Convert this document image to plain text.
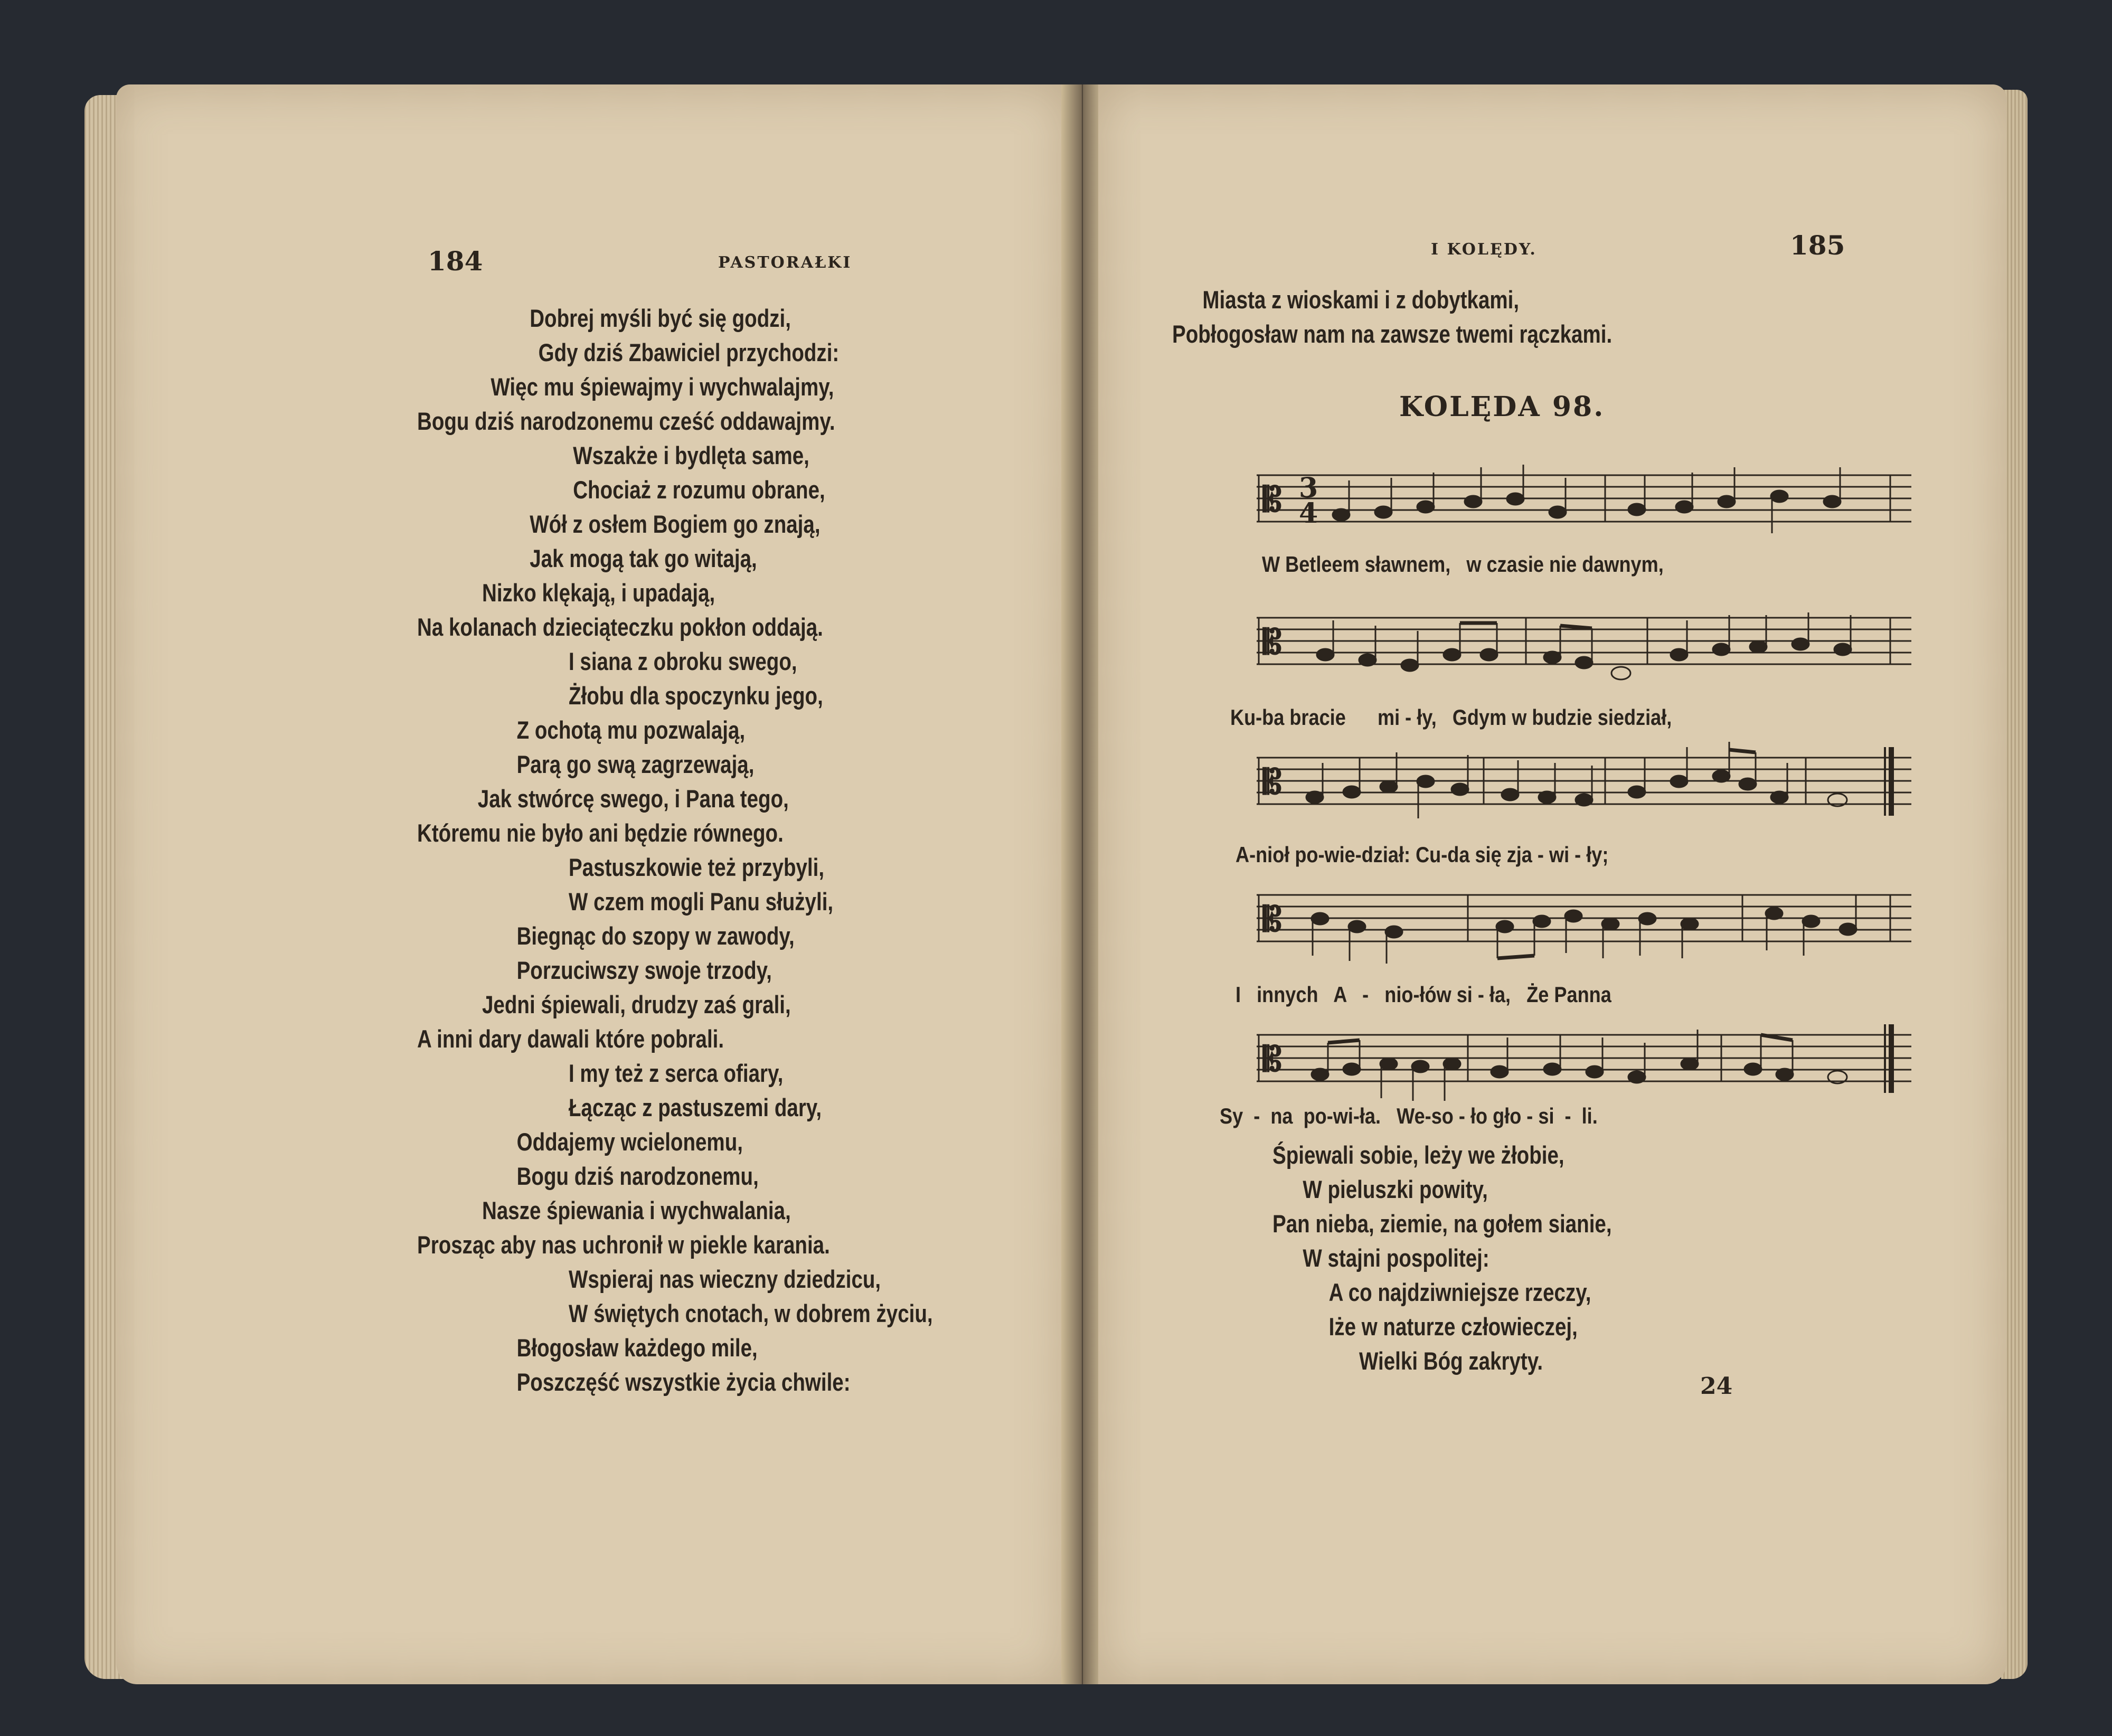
184	PASTORAŁKI
Dobrej myśli być się godzi,
Gdy dziś Zbawiciel przychodzi:
Więc mu śpiewajmy i wychwalajmy,
Bogu dziś narodzonemu cześć oddawajmy.
Wszakże i bydlęta same,
Chociaż z rozumu obrane,
Wół z osłem Bogiem go znają,
Jak mogą tak go witają,
Nizko klękają, i upadają,
Na kolanach dzieciąteczku pokłon oddają.
I siana z obroku swego,
Żłobu dla spoczynku jego,
Z ochotą mu pozwalają,
Parą go swą zagrzewają,
Jak stwórcę swego, i Pana tego,
Któremu nie było ani będzie równego.
Pastuszkowie też przybyli,
W czem mogli Panu służyli,
Biegnąc do szopy w zawody,
Porzuciwszy swoje trzody,
Jedni śpiewali, drudzy zaś grali,
A inni dary dawali które pobrali.
I my też z serca ofiary,
Łącząc z pastuszemi dary,
Oddajemy wcielonemu,
Bogu dziś narodzonemu,
Nasze śpiewania i wychwalania,
Prosząc aby nas uchronił w piekle karania.
Wspieraj nas wieczny dziedzicu,
W świętych cnotach, w dobrem życiu,
Błogosław każdego mile,
Poszczęść wszystkie życia chwile:
I KOLĘDY.	185
Miasta z wioskami i z dobytkami,
Pobłogosław nam na zawsze twemi rączkami.
KOLĘDA 98.
𝄡 3
4
W Betleem sławnem,   w czasie nie dawnym,
𝄡
Ku-ba bracie      mi - ły,   Gdym w budzie siedział,
𝄡
A-nioł po-wie-dział: Cu-da się zja - wi - ły;
𝄡
I   innych   A   -   nio-łów si - ła,   Że Panna
𝄡
Sy  -  na  po-wi-ła.   We-so - ło gło - si  -  li.
Śpiewali sobie, leży we żłobie,
W pieluszki powity,
Pan nieba, ziemie, na gołem sianie,
W stajni pospolitej:
A co najdziwniejsze rzeczy,
Iże w naturze człowieczej,
Wielki Bóg zakryty.
24
